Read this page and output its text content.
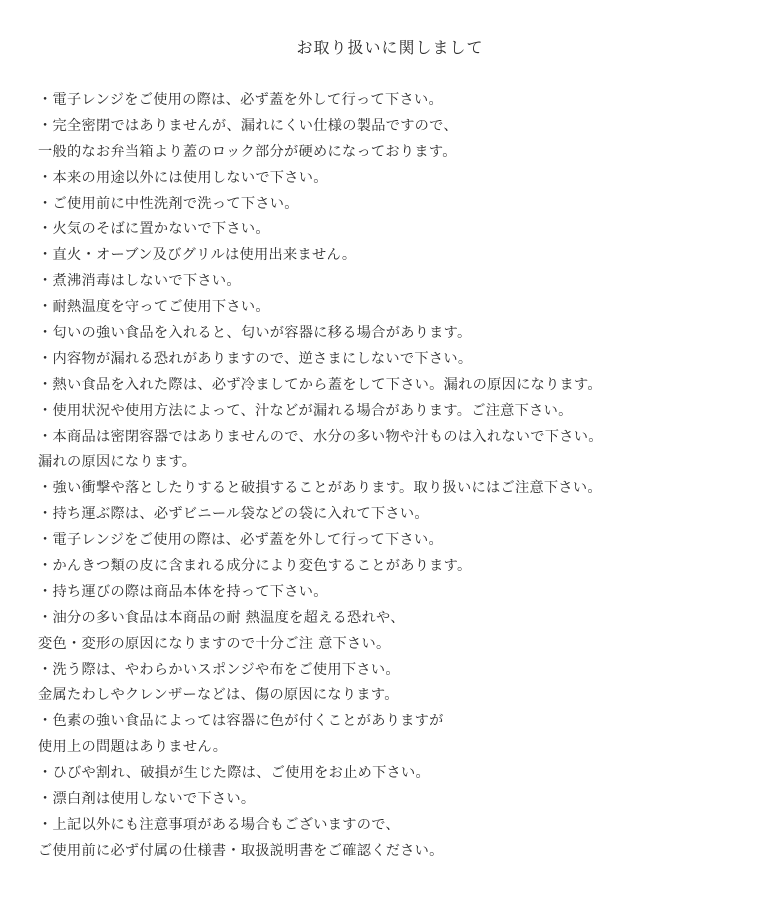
お取り扱いに関しまして
・電子レンジをご使用の際は、必ず蓋を外して行って下さい。
・完全密閉ではありませんが、漏れにくい仕様の製品ですので、
一般的なお弁当箱より蓋のロック部分が硬めになっております。
・本来の用途以外には使用しないで下さい。
・ご使用前に中性洗剤で洗って下さい。
・火気のそばに置かないで下さい。
・直火・オーブン及びグリルは使用出来ません。
・煮沸消毒はしないで下さい。
・耐熱温度を守ってご使用下さい。
・匂いの強い食品を入れると、匂いが容器に移る場合があります。
・内容物が漏れる恐れがありますので、逆さまにしないで下さい。
・熱い食品を入れた際は、必ず冷ましてから蓋をして下さい。漏れの原因になります。
・使用状況や使用方法によって、汁などが漏れる場合があります。ご注意下さい。
・本商品は密閉容器ではありませんので、水分の多い物や汁ものは入れないで下さい。
漏れの原因になります。
・強い衝撃や落としたりすると破損することがあります。取り扱いにはご注意下さい。
・持ち運ぶ際は、必ずビニール袋などの袋に入れて下さい。
・電子レンジをご使用の際は、必ず蓋を外して行って下さい。
・かんきつ類の皮に含まれる成分により変色することがあります。
・持ち運びの際は商品本体を持って下さい。
・油分の多い食品は本商品の耐 熱温度を超える恐れや、
変色・変形の原因になりますので十分ご注 意下さい。
・洗う際は、やわらかいスポンジや布をご使用下さい。
金属たわしやクレンザーなどは、傷の原因になります。
・色素の強い食品によっては容器に色が付くことがありますが
使用上の問題はありません。
・ひびや割れ、破損が生じた際は、ご使用をお止め下さい。
・漂白剤は使用しないで下さい。
・上記以外にも注意事項がある場合もございますので、
ご使用前に必ず付属の仕様書・取扱説明書をご確認ください。
